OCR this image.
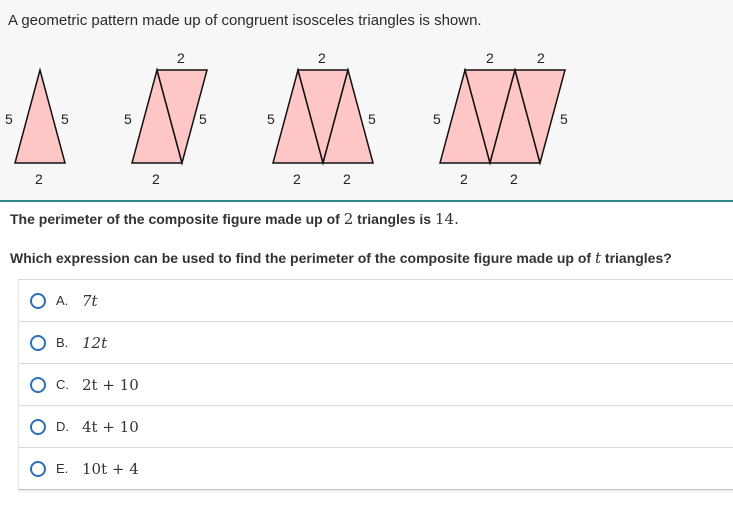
A geometric pattern made up of congruent isosceles triangles is shown.
5	5
2
5	5
2
2
5	5
2
2	2
5	5
2	2
2	2
The perimeter of the composite figure made up of 2 triangles is 14.
Which expression can be used to find the perimeter of the composite figure made up of t triangles?
A. 7t
B. 12t
C. 2t + 10
D. 4t + 10
E. 10t + 4
